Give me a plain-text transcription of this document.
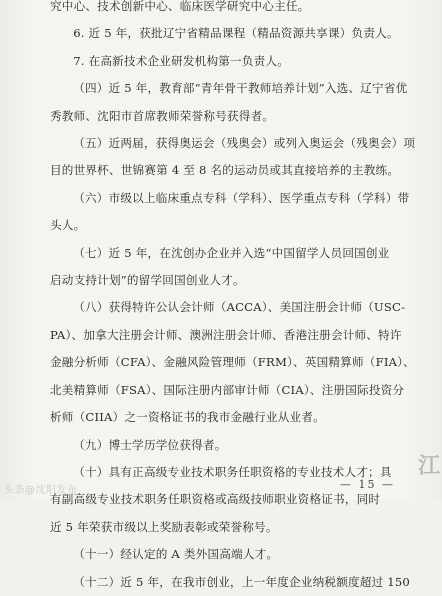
究中心、技术创新中心、临床医学研究中心主任。
6. 近 5 年，获批辽宁省精品课程（精品资源共享课）负责人。
7. 在高新技术企业研发机构第一负责人。
（四）近 5 年，教育部“青年骨干教师培养计划”入选、辽宁省优
秀教师、沈阳市首席教师荣誉称号获得者。
（五）近两届，获得奥运会（残奥会）或列入奥运会（残奥会）项
目的世界杯、世锦赛第 4 至 8 名的运动员或其直接培养的主教练。
（六）市级以上临床重点专科（学科）、医学重点专科（学科）带
头人。
（七）近 5 年，在沈创办企业并入选“中国留学人员回国创业
启动支持计划”的留学回国创业人才。
（八）获得特许公认会计师（ACCA）、美国注册会计师（USC-
PA）、加拿大注册会计师、澳洲注册会计师、香港注册会计师、特许
金融分析师（CFA）、金融风险管理师（FRM）、英国精算师（FIA）、
北美精算师（FSA）、国际注册内部审计师（CIA）、注册国际投资分
析师（CIIA）之一资格证书的我市金融行业从业者。
（九）博士学历学位获得者。
（十）具有正高级专业技术职务任职资格的专业技术人才；具
有副高级专业技术职务任职资格或高级技师职业资格证书，同时
近 5 年荣获市级以上奖励表彰或荣誉称号。
（十一）经认定的 A 类外国高端人才。
（十二）近 5 年，在我市创业，上一年度企业纳税额度超过 150
头条@沈阳发布	— 15 —
江
